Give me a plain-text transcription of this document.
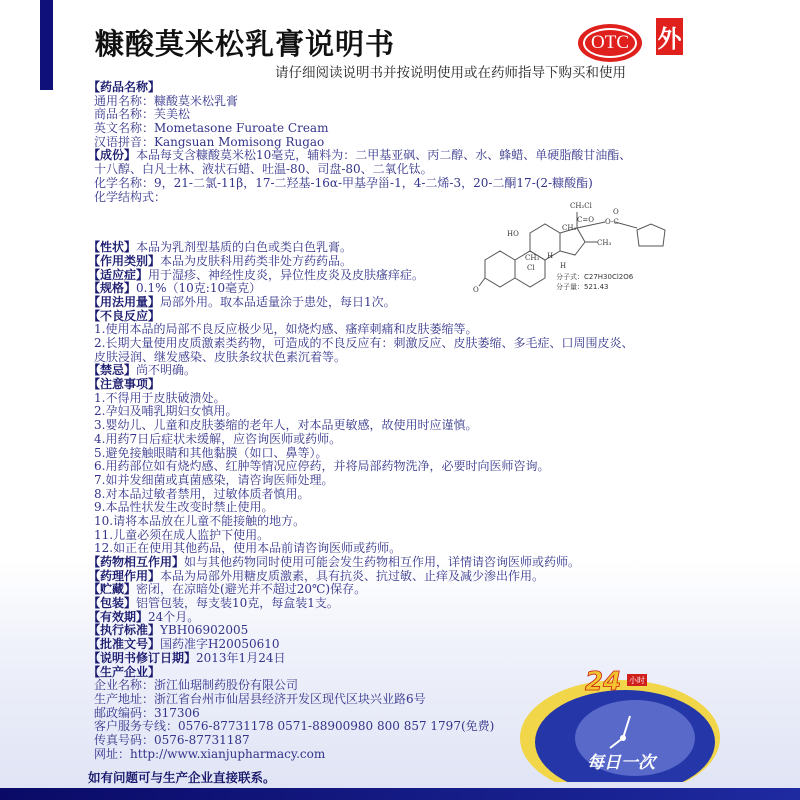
糠酸莫米松乳膏说明书
请仔细阅读说明书并按说明使用或在药师指导下购买和使用
OTC	外
【药品名称】
通用名称：糠酸莫米松乳膏
商品名称：芙美松
英文名称：Mometasone Furoate Cream
汉语拼音：Kangsuan Momisong Rugao
【成份】本品每支含糠酸莫米松10毫克，辅料为：二甲基亚砜、丙二醇、水、蜂蜡、单硬脂酸甘油酯、
十八醇、白凡士林、液状石蜡、吐温-80、司盘-80、二氧化钛。
化学名称：9，21-二氯-11β，17-二羟基-16α-甲基孕甾-1，4-二烯-3，20-二酮17-(2-糠酸酯)
化学结构式：
【性状】本品为乳剂型基质的白色或类白色乳膏。
【作用类别】本品为皮肤科用药类非处方药药品。
【适应症】用于湿疹、神经性皮炎，异位性皮炎及皮肤瘙痒症。
【规格】0.1%（10克:10毫克）
【用法用量】局部外用。取本品适量涂于患处，每日1次。
【不良反应】
1.使用本品的局部不良反应极少见，如烧灼感、瘙痒刺痛和皮肤萎缩等。
2.长期大量使用皮质激素类药物，可造成的不良反应有：刺激反应、皮肤萎缩、多毛症、口周围皮炎、
皮肤浸润、继发感染、皮肤条纹状色素沉着等。
【禁忌】尚不明确。
【注意事项】
1.不得用于皮肤破溃处。
2.孕妇及哺乳期妇女慎用。
3.婴幼儿、儿童和皮肤萎缩的老年人，对本品更敏感，故使用时应谨慎。
4.用药7日后症状未缓解，应咨询医师或药师。
5.避免接触眼睛和其他黏膜（如口、鼻等）。
6.用药部位如有烧灼感、红肿等情况应停药，并将局部药物洗净，必要时向医师咨询。
7.如并发细菌或真菌感染，请咨询医师处理。
8.对本品过敏者禁用，过敏体质者慎用。
9.本品性状发生改变时禁止使用。
10.请将本品放在儿童不能接触的地方。
11.儿童必须在成人监护下使用。
12.如正在使用其他药品，使用本品前请咨询医师或药师。
【药物相互作用】如与其他药物同时使用可能会发生药物相互作用，详情请咨询医师或药师。
【药理作用】本品为局部外用糖皮质激素，具有抗炎、抗过敏、止痒及减少渗出作用。
【贮藏】密闭，在凉暗处(避光并不超过20℃)保存。
【包装】铝管包装，每支装10克，每盒装1支。
【有效期】24个月。
【执行标准】YBH06902005
【批准文号】国药准字H20050610
【说明书修订日期】2013年1月24日
【生产企业】
企业名称：浙江仙琚制药股份有限公司
生产地址：浙江省台州市仙居县经济开发区现代区块兴业路6号
邮政编码：317306
客户服务专线：0576-87731178 0571-88900980 800 857 1797(免费)
传真号码：0576-87731187
网址：http://www.xianjupharmacy.com
如有问题可与生产企业直接联系。
CH₂Cl
C=O
O
O-C
HO
CH₃
CH₃
CH₃
Cl
H
H
O
分子式：C27H30Cl2O6
分子量：521.43
24 小时
每日一次
